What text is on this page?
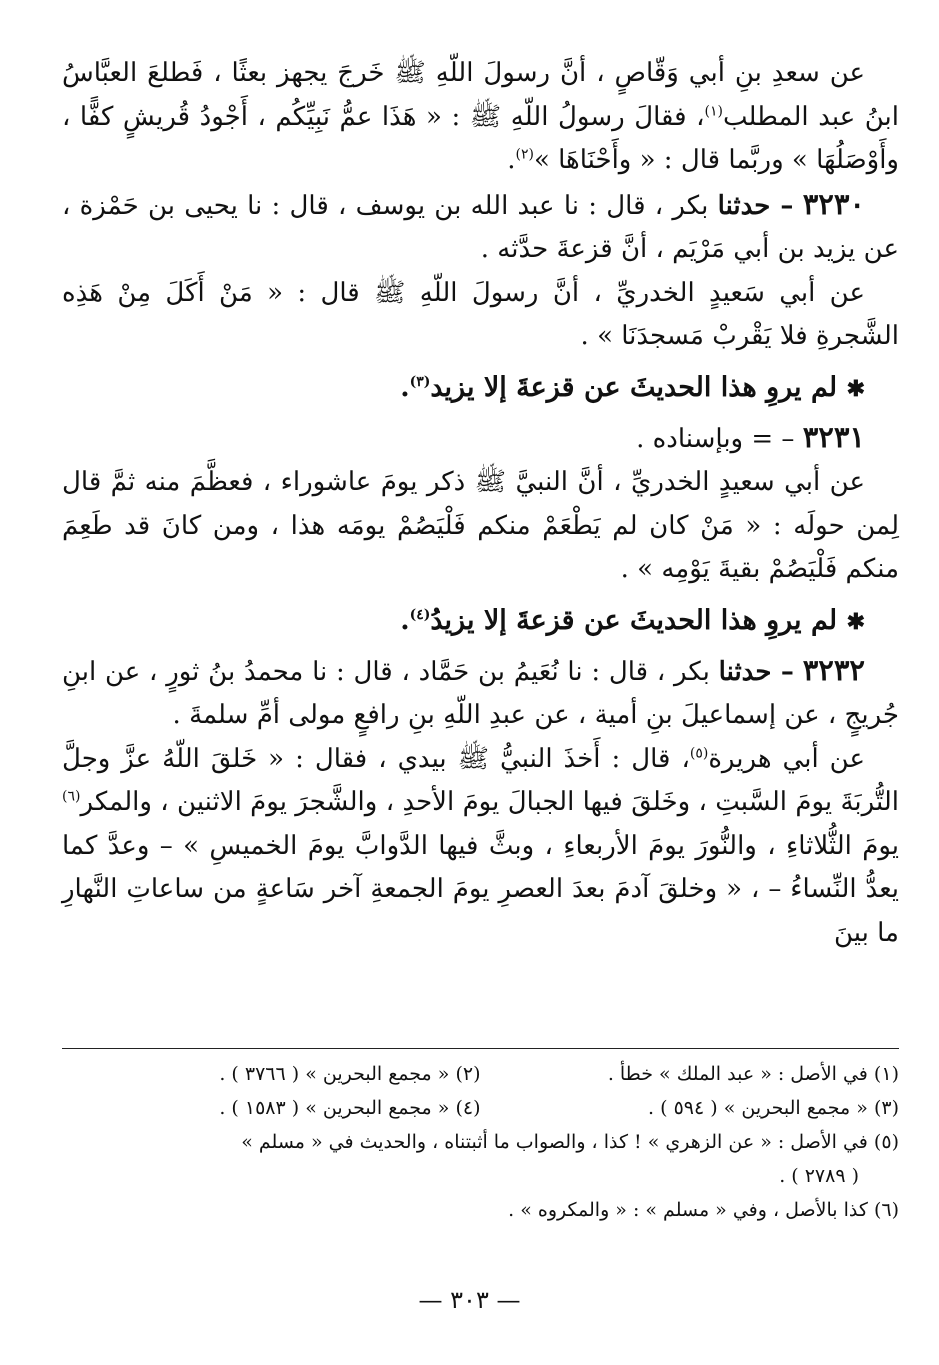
عن سعدِ بنِ أبي وَقّاصٍ ، أنَّ رسولَ اللّهِ ﷺ خَرجَ يجهز بعثًا ، فَطلعَ العبَّاسُ ابنُ عبد المطلب$^{(١)}$، فقالَ رسولُ اللّهِ ﷺ : « هَذَا عمُّ نَبِيِّكُم ، أَجْودُ قُريشٍ كفًّا ، وأَوْصَلُهَا » وربَّما قال : « وأَحْنَاهَا »$^{(٢)}$.

٣٢٣٠ – حدثنا بكر ، قال : نا عبد الله بن يوسف ، قال : نا يحيى بن حَمْزة ، عن يزيد بن أبي مَرْيَم ، أنَّ قزعةَ حدَّثه .

عن أبي سَعيدٍ الخدريِّ ، أنَّ رسولَ اللّهِ ﷺ قال : « مَنْ أَكَلَ مِنْ هَذِه الشَّجرةِ فلا يَقْربْ مَسجدَنَا » .

✱ لم يروِ هذا الحديثَ عن قزعةَ إلا يزيد$^{(٣)}$.

٣٢٣١ – = وبإسناده .

عن أبي سعيدٍ الخدريِّ ، أنَّ النبيَّ ﷺ ذكر يومَ عاشوراء ، فعظَّمَ منه ثمَّ قال لِمن حولَه : « مَنْ كان لم يَطْعَمْ منكم فَلْيَصُمْ يومَه هذا ، ومن كانَ قد طَعِمَ منكم فَلْيَصُمْ بقيةَ يَوْمِه » .

✱ لم يروِ هذا الحديثَ عن قزعةَ إلا يزيدُ$^{(٤)}$.

٣٢٣٢ – حدثنا بكر ، قال : نا نُعَيمُ بن حَمَّاد ، قال : نا محمدُ بنُ ثورٍ ، عن ابنِ جُريجٍ ، عن إسماعيلَ بنِ أمية ، عن عبدِ اللّهِ بنِ رافعٍ مولى أمِّ سلمةَ .

عن أبي هريرة$^{(٥)}$، قال : أَخذَ النبيُّ ﷺ بيدي ، فقال : « خَلقَ اللّهُ عزَّ وجلَّ التُّربَةَ يومَ السَّبتِ ، وخَلقَ فيها الجبالَ يومَ الأحدِ ، والشَّجرَ يومَ الاثنين ، والمكر$^{(٦)}$ يومَ الثُّلاثاءِ ، والنُّورَ يومَ الأربعاءِ ، وبثَّ فيها الدَّوابَّ يومَ الخميسِ » – وعدَّ كما يعدُّ النِّساءُ – ، « وخلقَ آدمَ بعدَ العصرِ يومَ الجمعةِ آخر سَاعةٍ من ساعاتِ النَّهارِ ما بينَ

(١) في الأصل : « عبد الملك » خطأ .
(٢) « مجمع البحرين » ( ٣٧٦٦ ) .
(٣) « مجمع البحرين » ( ٥٩٤ ) .
(٤) « مجمع البحرين » ( ١٥٨٣ ) .
(٥) في الأصل : « عن الزهري » ! كذا ، والصواب ما أثبتناه ، والحديث في « مسلم »
( ٢٧٨٩ ) .
(٦) كذا بالأصل ، وفي « مسلم » : « والمكروه » .
— ٣٠٣ —
